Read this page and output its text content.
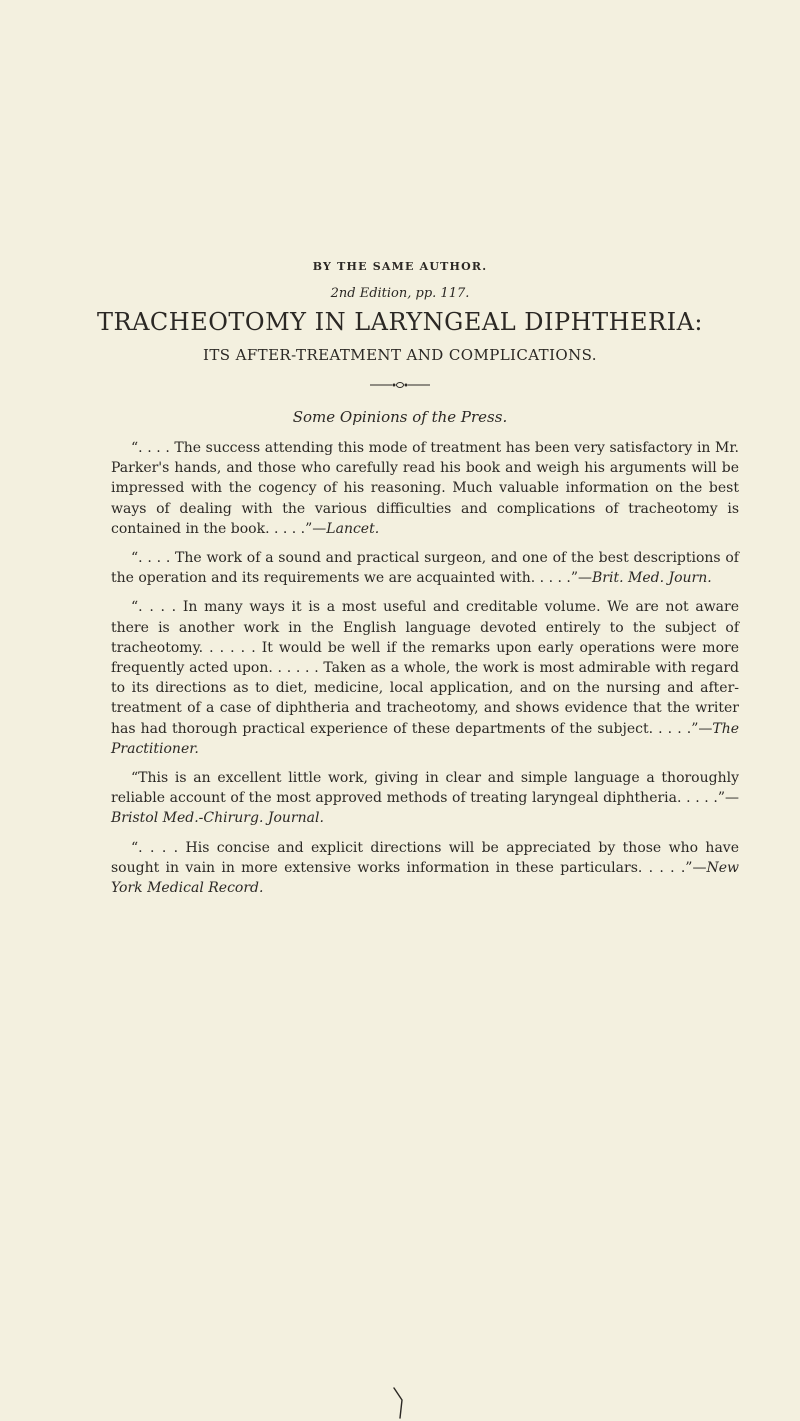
BY THE SAME AUTHOR.
2nd Edition, pp. 117.
TRACHEOTOMY IN LARYNGEAL DIPHTHERIA:
ITS AFTER-TREATMENT AND COMPLICATIONS.
Some Opinions of the Press.

“. . . . The success attending this mode of treatment has been very satisfactory in Mr. Parker's hands, and those who carefully read his book and weigh his arguments will be impressed with the cogency of his reasoning. Much valuable information on the best ways of dealing with the various difficulties and complications of tracheotomy is contained in the book. . . . .”—Lancet.

“. . . . The work of a sound and practical surgeon, and one of the best descriptions of the operation and its requirements we are acquainted with. . . . .”—Brit. Med. Journ.

“. . . . In many ways it is a most useful and creditable volume. We are not aware there is another work in the English language devoted entirely to the subject of tracheotomy. . . . . . It would be well if the remarks upon early operations were more frequently acted upon. . . . . . Taken as a whole, the work is most admirable with regard to its directions as to diet, medicine, local application, and on the nursing and after-treatment of a case of diphtheria and tracheotomy, and shows evidence that the writer has had thorough practical experience of these departments of the subject. . . . .”—The Practitioner.

“This is an excellent little work, giving in clear and simple language a thoroughly reliable account of the most approved methods of treating laryngeal diphtheria. . . . .”—Bristol Med.-Chirurg. Journal.

“. . . . His concise and explicit directions will be appreciated by those who have sought in vain in more extensive works information in these particulars. . . . .”—New York Medical Record.
